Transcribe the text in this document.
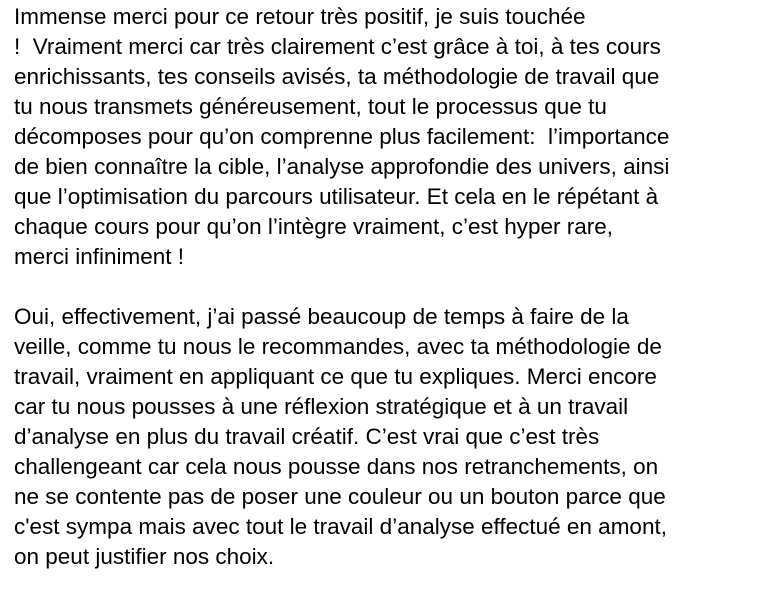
Immense merci pour ce retour très positif, je suis touchée
!  Vraiment merci car très clairement c’est grâce à toi, à tes cours
enrichissants, tes conseils avisés, ta méthodologie de travail que
tu nous transmets généreusement, tout le processus que tu
décomposes pour qu’on comprenne plus facilement:  l’importance
de bien connaître la cible, l’analyse approfondie des univers, ainsi
que l’optimisation du parcours utilisateur. Et cela en le répétant à
chaque cours pour qu’on l’intègre vraiment, c’est hyper rare,
merci infiniment !
Oui, effectivement, j’ai passé beaucoup de temps à faire de la
veille, comme tu nous le recommandes, avec ta méthodologie de
travail, vraiment en appliquant ce que tu expliques. Merci encore
car tu nous pousses à une réflexion stratégique et à un travail
d’analyse en plus du travail créatif. C’est vrai que c’est très
challengeant car cela nous pousse dans nos retranchements, on
ne se contente pas de poser une couleur ou un bouton parce que
c'est sympa mais avec tout le travail d’analyse effectué en amont,
on peut justifier nos choix.
